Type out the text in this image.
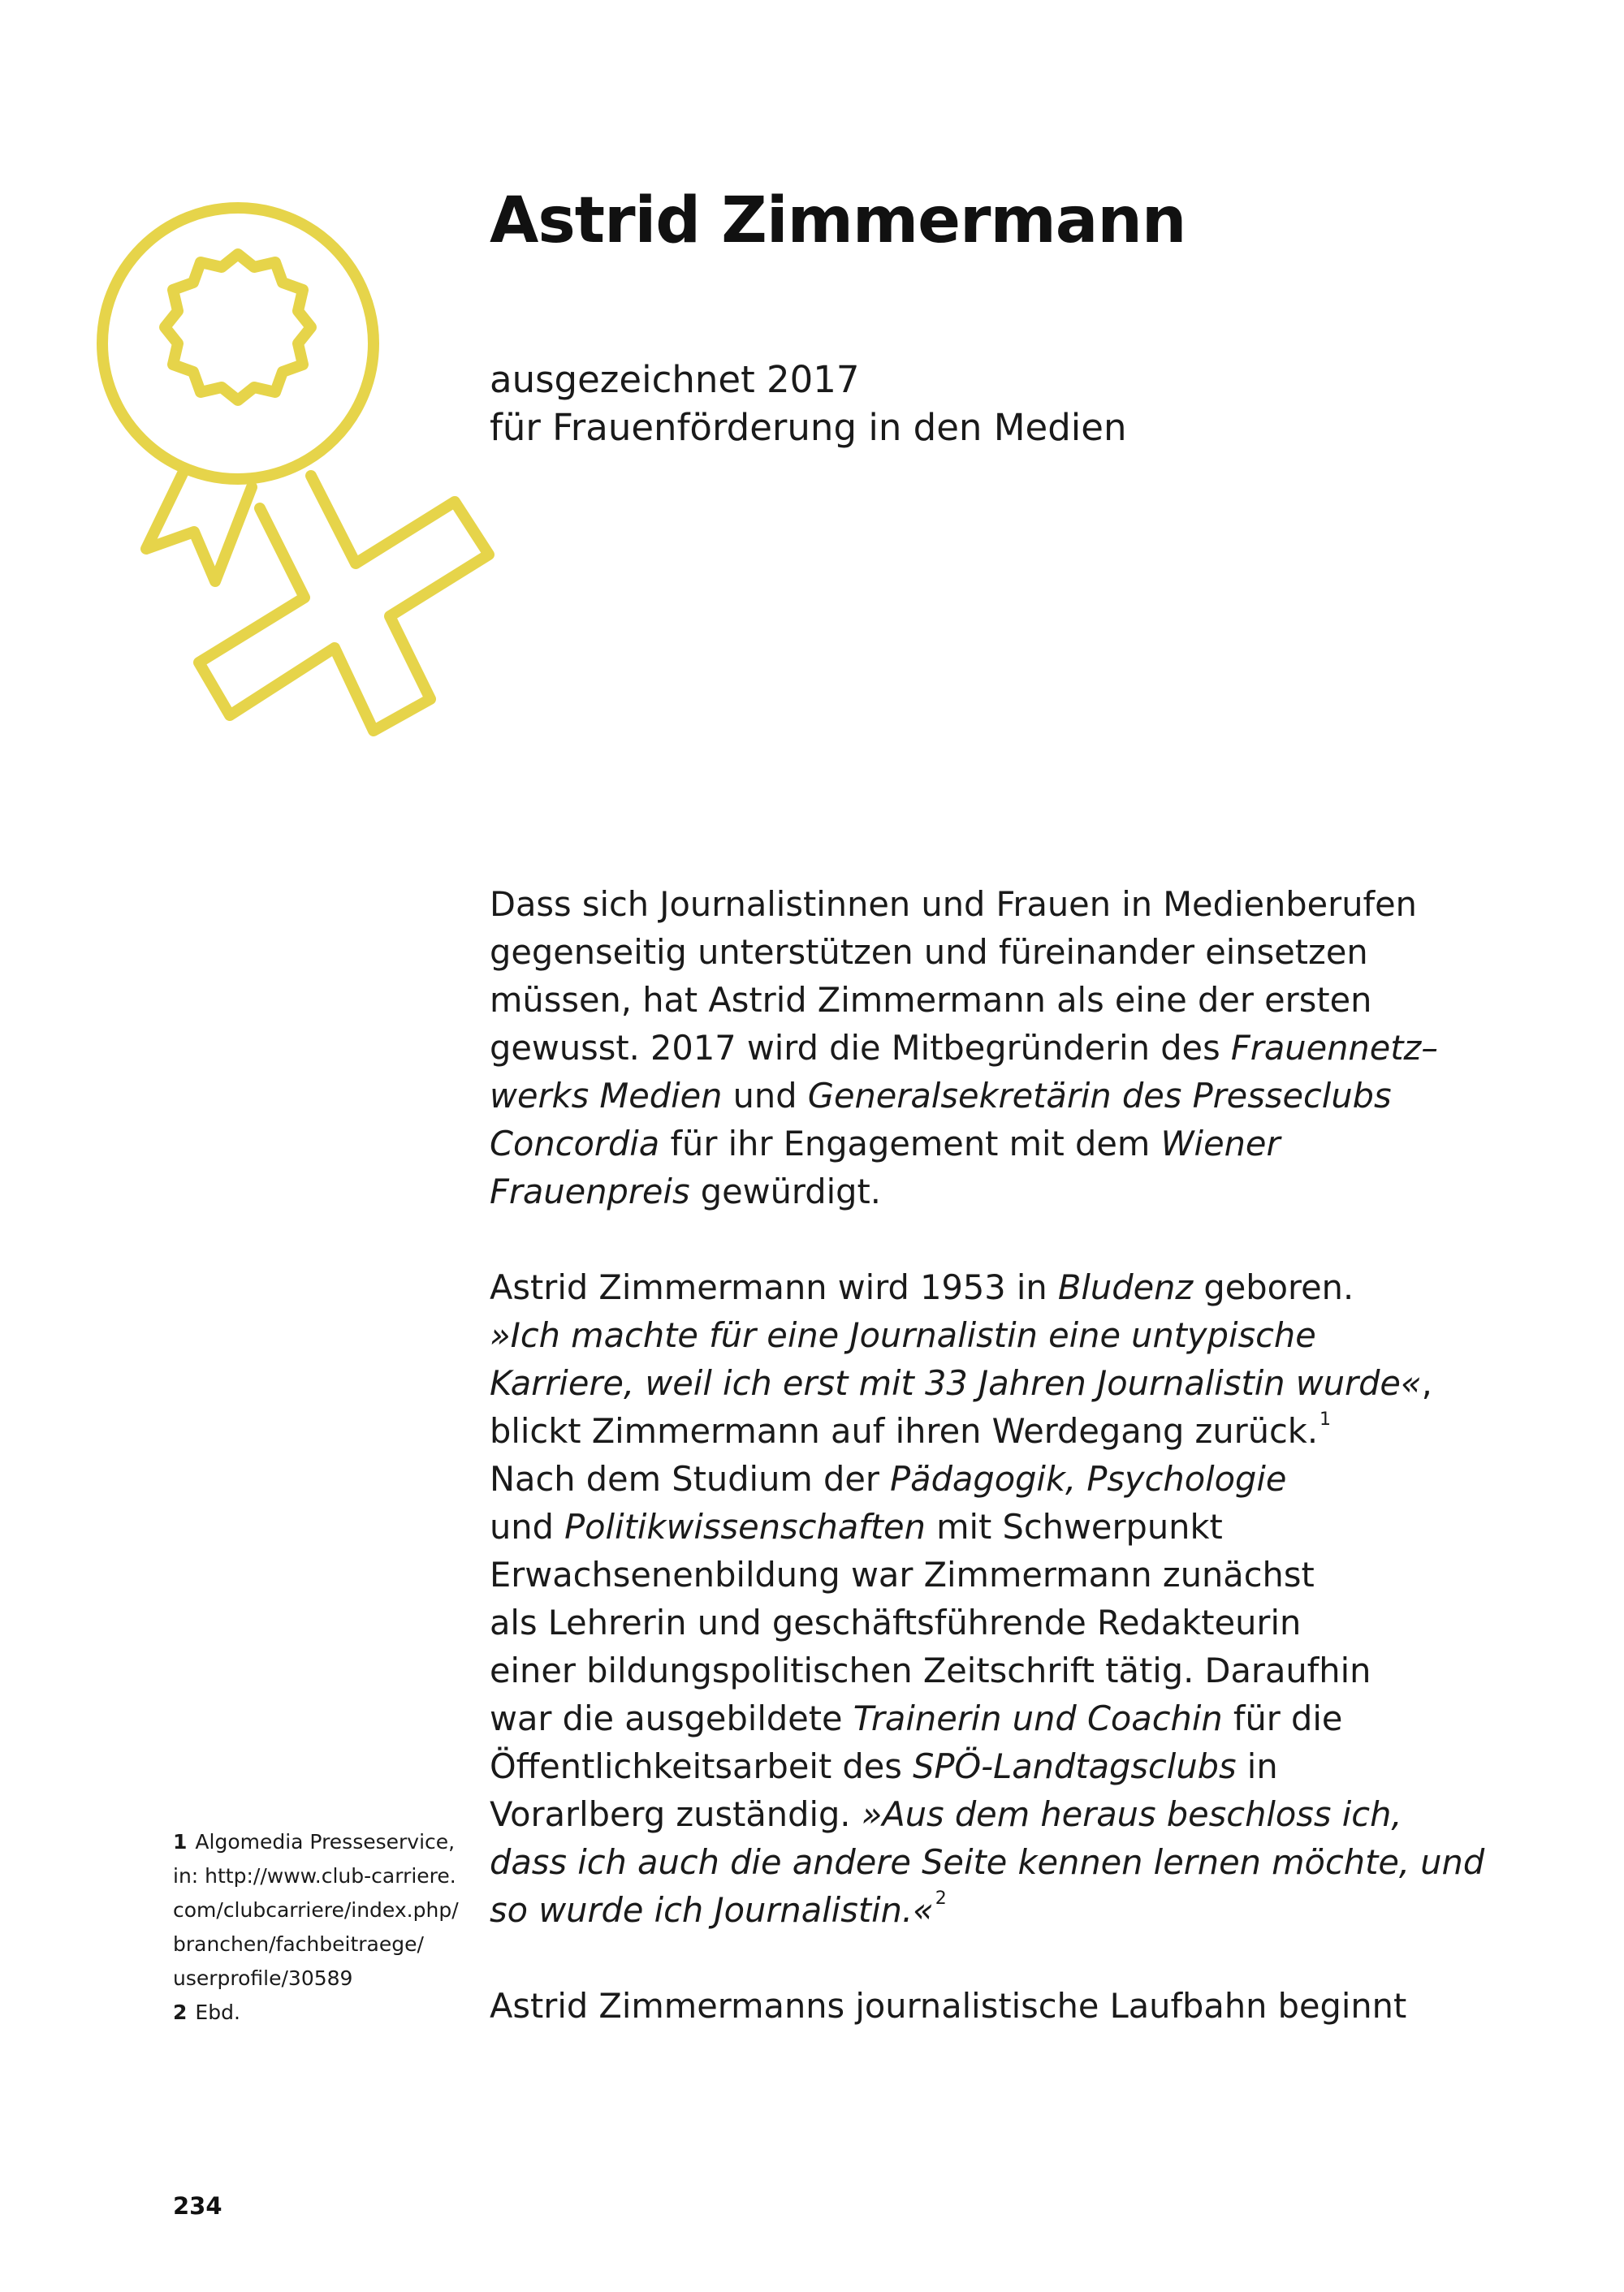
Astrid Zimmermann
ausgezeichnet 2017
für Frauenförderung in den Medien
Dass sich Journalistinnen und Frauen in Medienberufen
gegenseitig unterstützen und füreinander einsetzen
müssen, hat Astrid Zimmermann als eine der ersten
gewusst. 2017 wird die Mitbegründerin des Frauennetz–
werks Medien und Generalsekretärin des Presseclubs
Concordia für ihr Engagement mit dem Wiener
Frauenpreis gewürdigt.
Astrid Zimmermann wird 1953 in Bludenz geboren.
»Ich machte für eine Journalistin eine untypische
Karriere, weil ich erst mit 33 Jahren Journalistin wurde«,
blickt Zimmermann auf ihren Werdegang zurück.$^1$
Nach dem Studium der Pädagogik, Psychologie
und Politikwissenschaften mit Schwerpunkt
Erwachsenenbildung war Zimmermann zunächst
als Lehrerin und geschäftsführende Redakteurin
einer bildungspolitischen Zeitschrift tätig. Daraufhin
war die ausgebildete Trainerin und Coachin für die
Öffentlichkeitsarbeit des SPÖ-Landtagsclubs in
Vorarlberg zuständig. »Aus dem heraus beschloss ich,
dass ich auch die andere Seite kennen lernen möchte, und
so wurde ich Journalistin.«$^2$
Astrid Zimmermanns journalistische Laufbahn beginnt
1 Algomedia Presseservice,
in: http://www.club-carriere.
com/clubcarriere/index.php/
branchen/fachbeitraege/
userprofile/30589
2 Ebd.
234
